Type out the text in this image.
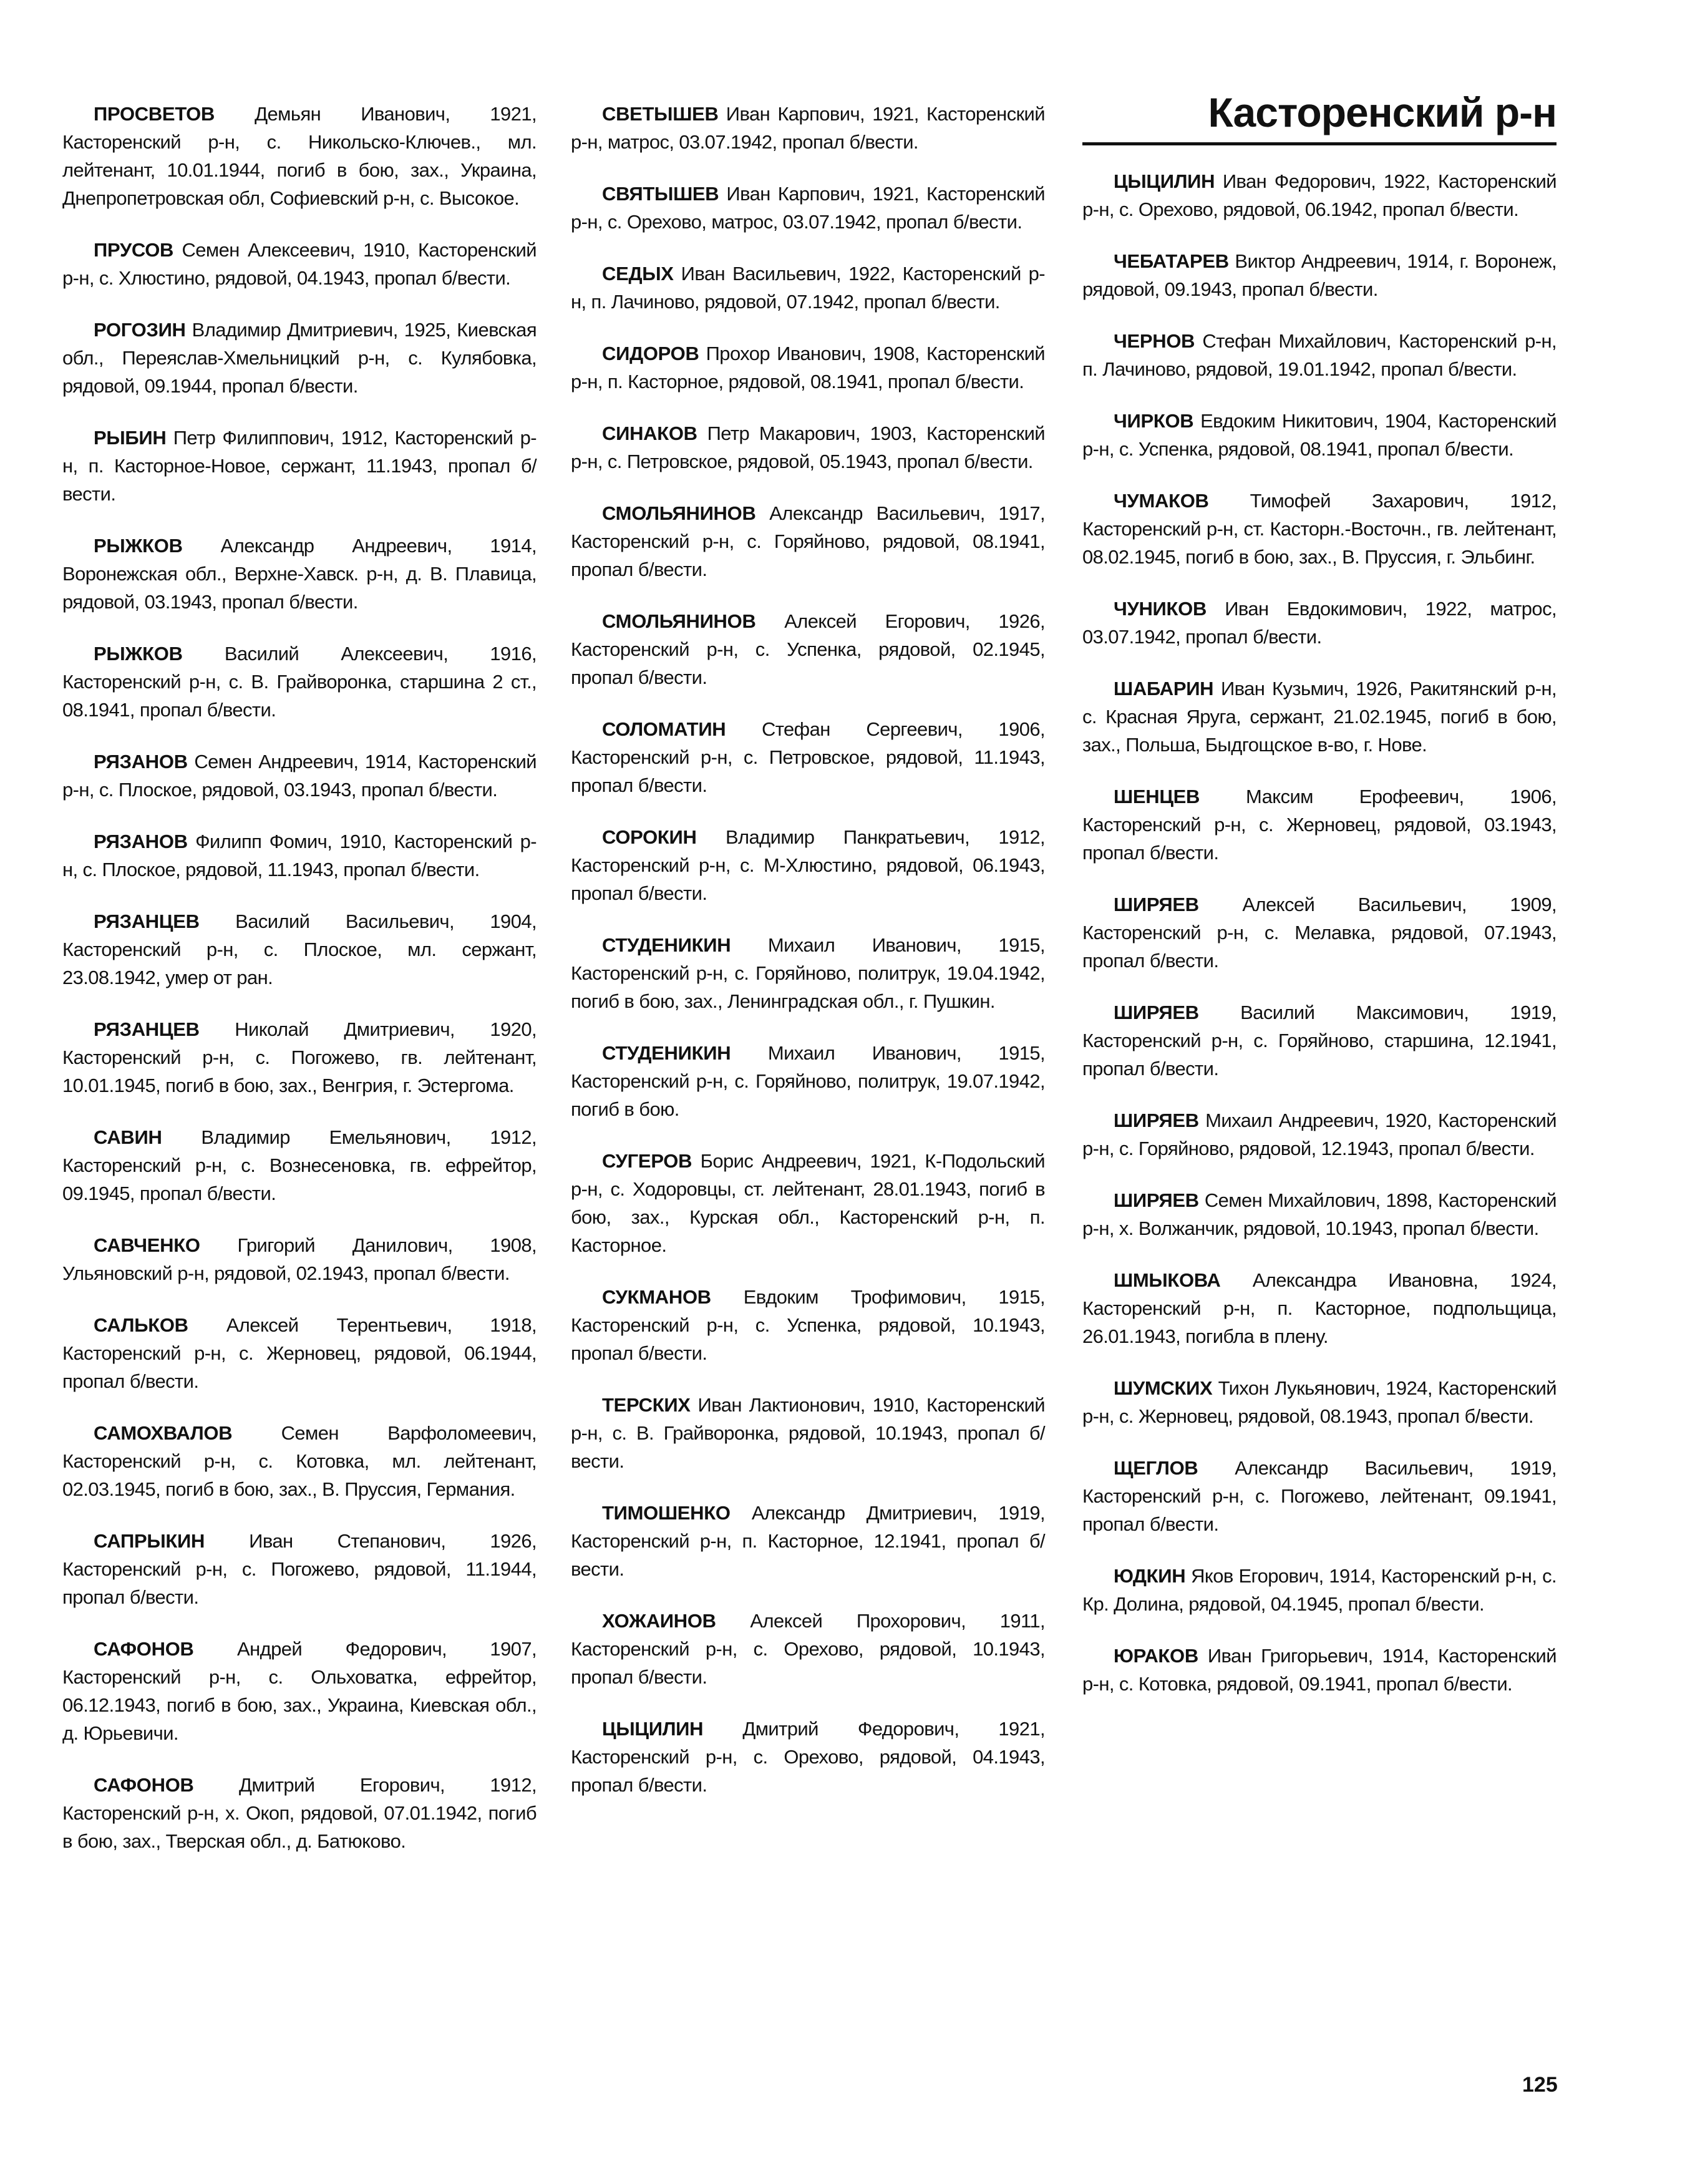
Касторенский р-н

ПРОСВЕТОВ Демьян Иванович, 1921, Касторенский р-н, с. Никольско-Ключев., мл. лейтенант, 10.01.1944, погиб в бою, зах., Украина, Днепропетровская обл, Софиевский р-н, с. Высокое.

ПРУСОВ Семен Алексеевич, 1910, Касторенский р-н, с. Хлюстино, рядовой, 04.1943, пропал б/вести.

РОГОЗИН Владимир Дмитриевич, 1925, Киевская обл., Переяслав-Хмельницкий р-н, с. Кулябовка, рядовой, 09.1944, пропал б/вести.

РЫБИН Петр Филиппович, 1912, Касторенский р-н, п. Касторное-Новое, сержант, 11.1943, пропал б/вести.

РЫЖКОВ Александр Андреевич, 1914, Воронежская обл., Верхне-Хавск. р-н, д. В. Плавица, рядовой, 03.1943, пропал б/вести.

РЫЖКОВ Василий Алексеевич, 1916, Касторенский р-н, с. В. Грайворонка, старшина 2 ст., 08.1941, пропал б/вести.

РЯЗАНОВ Семен Андреевич, 1914, Касторенский р-н, с. Плоское, рядовой, 03.1943, пропал б/вести.

РЯЗАНОВ Филипп Фомич, 1910, Касторенский р-н, с. Плоское, рядовой, 11.1943, пропал б/вести.

РЯЗАНЦЕВ Василий Васильевич, 1904, Касторенский р-н, с. Плоское, мл. сержант, 23.08.1942, умер от ран.

РЯЗАНЦЕВ Николай Дмитриевич, 1920, Касторенский р-н, с. Погожево, гв. лейтенант, 10.01.1945, погиб в бою, зах., Венгрия, г. Эстергома.

САВИН Владимир Емельянович, 1912, Касторенский р-н, с. Вознесеновка, гв. ефрейтор, 09.1945, пропал б/вести.

САВЧЕНКО Григорий Данилович, 1908, Ульяновский р-н, рядовой, 02.1943, пропал б/вести.

САЛЬКОВ Алексей Терентьевич, 1918, Касторенский р-н, с. Жерновец, рядовой, 06.1944, пропал б/вести.

САМОХВАЛОВ	Семен Варфоломеевич, Касторенский р-н, с. Котовка, мл. лейтенант, 02.03.1945, погиб в бою, зах., В. Пруссия, Германия.

САПРЫКИН Иван Степанович, 1926, Касторенский р-н, с. Погожево, рядовой, 11.1944, пропал б/вести.

САФОНОВ Андрей Федорович, 1907, Касторенский р-н, с. Ольховатка, ефрейтор, 06.12.1943, погиб в бою, зах., Украина, Киевская обл., д. Юрьевичи.

САФОНОВ Дмитрий Егорович, 1912, Касторенский р-н, х. Окоп, рядовой, 07.01.1942, погиб в бою, зах., Тверская обл., д. Батюково.

СВЕТЫШЕВ Иван Карпович, 1921, Касторенский р-н, матрос, 03.07.1942, пропал б/вести.

СВЯТЫШЕВ Иван Карпович, 1921, Касторенский р-н, с. Орехово, матрос, 03.07.1942, пропал б/вести.

СЕДЫХ Иван Васильевич, 1922, Касторенский р-н, п. Лачиново, рядовой, 07.1942, пропал б/вести.

СИДОРОВ Прохор Иванович, 1908, Касторенский р-н, п. Касторное, рядовой, 08.1941, пропал б/вести.

СИНАКОВ Петр Макарович, 1903, Касторенский р-н, с. Петровское, рядовой, 05.1943, пропал б/вести.

СМОЛЬЯНИНОВ Александр Васильевич, 1917, Касторенский р-н, с. Горяйново, рядовой, 08.1941, пропал б/вести.

СМОЛЬЯНИНОВ Алексей Егорович, 1926, Касторенский р-н, с. Успенка, рядовой, 02.1945, пропал б/вести.

СОЛОМАТИН Стефан Сергеевич, 1906, Касторенский р-н, с. Петровское, рядовой, 11.1943, пропал б/вести.

СОРОКИН Владимир Панкратьевич, 1912, Касторенский р-н, с. М-Хлюстино, рядовой, 06.1943, пропал б/вести.

СТУДЕНИКИН Михаил Иванович, 1915, Касторенский р-н, с. Горяйново, политрук, 19.04.1942, погиб в бою, зах., Ленинградская обл., г. Пушкин.

СТУДЕНИКИН Михаил Иванович, 1915, Касторенский р-н, с. Горяйново, политрук, 19.07.1942, погиб в бою.

СУГЕРОВ Борис Андреевич, 1921, К-Подольский р-н, с. Ходоровцы, ст. лейтенант, 28.01.1943, погиб в бою, зах., Курская обл., Касторенский р-н, п. Касторное.

СУКМАНОВ Евдоким Трофимович, 1915, Касторенский р-н, с. Успенка, рядовой, 10.1943, пропал б/вести.

ТЕРСКИХ Иван Лактионович, 1910, Касторенский р-н, с. В. Грайворонка, рядовой, 10.1943, пропал б/вести.

ТИМОШЕНКО Александр Дмитриевич, 1919, Касторенский р-н, п. Касторное, 12.1941, пропал б/вести.

ХОЖАИНОВ Алексей Прохорович, 1911, Касторенский р-н, с. Орехово, рядовой, 10.1943, пропал б/вести.

ЦЫЦИЛИН Дмитрий Федорович, 1921, Касторенский р-н, с. Орехово, рядовой, 04.1943, пропал б/вести.

ЦЫЦИЛИН Иван Федорович, 1922, Касторенский р-н, с. Орехово, рядовой, 06.1942, пропал б/вести.

ЧЕБАТАРЕВ Виктор Андреевич, 1914, г. Воронеж, рядовой, 09.1943, пропал б/вести.

ЧЕРНОВ Стефан Михайлович, Касторенский р-н, п. Лачиново, рядовой, 19.01.1942, пропал б/вести.

ЧИРКОВ Евдоким Никитович, 1904, Касторенский р-н, с. Успенка, рядовой, 08.1941, пропал б/вести.

ЧУМАКОВ Тимофей Захарович, 1912, Касторенский р-н, ст. Касторн.-Восточн., гв. лейтенант, 08.02.1945, погиб в бою, зах., В. Пруссия, г. Эльбинг.

ЧУНИКОВ Иван Евдокимович, 1922, матрос, 03.07.1942, пропал б/вести.

ШАБАРИН Иван Кузьмич, 1926, Ракитянский р-н, с. Красная Яруга, сержант, 21.02.1945, погиб в бою, зах., Польша, Быдгощское в-во, г. Нове.

ШЕНЦЕВ Максим Ерофеевич, 1906, Касторенский р-н, с. Жерновец, рядовой, 03.1943, пропал б/вести.

ШИРЯЕВ Алексей Васильевич, 1909, Касторенский р-н, с. Мелавка, рядовой, 07.1943, пропал б/вести.

ШИРЯЕВ Василий Максимович, 1919, Касторенский р-н, с. Горяйново, старшина, 12.1941, пропал б/вести.

ШИРЯЕВ Михаил Андреевич, 1920, Касторенский р-н, с. Горяйново, рядовой, 12.1943, пропал б/вести.

ШИРЯЕВ Семен Михайлович, 1898, Касторенский р-н, х. Волжанчик, рядовой, 10.1943, пропал б/вести.

ШМЫКОВА Александра Ивановна, 1924, Касторенский р-н, п. Касторное, подпольщица, 26.01.1943, погибла в плену.

ШУМСКИХ Тихон Лукьянович, 1924, Касторенский р-н, с. Жерновец, рядовой, 08.1943, пропал б/вести.

ЩЕГЛОВ Александр Васильевич, 1919, Касторенский р-н, с. Погожево, лейтенант, 09.1941, пропал б/вести.

ЮДКИН Яков Егорович, 1914, Касторенский р-н, с. Кр. Долина, рядовой, 04.1945, пропал б/вести.

ЮРАКОВ Иван Григорьевич, 1914, Касторенский р-н, с. Котовка, рядовой, 09.1941, пропал б/вести.

125
